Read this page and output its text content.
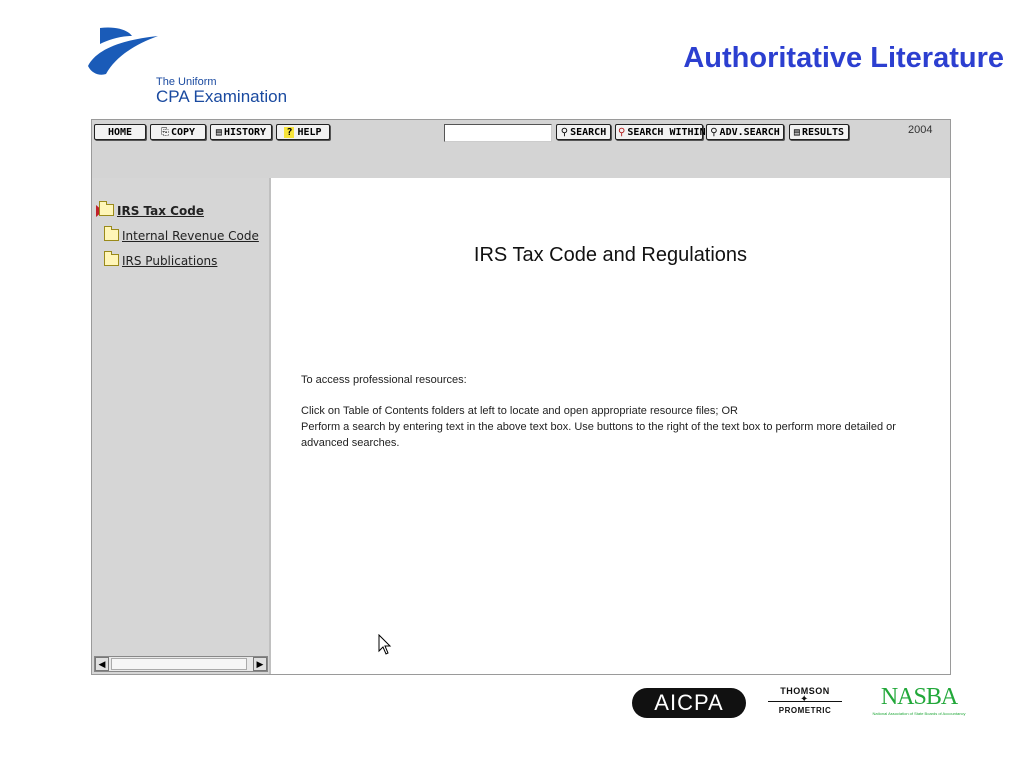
The Uniform
CPA Examination
Authoritative Literature
HOME	⎘ COPY	▤ HISTORY	? HELP	⚲ SEARCH	⚲ SEARCH WITHIN ⚲ ADV.SEARCH	▤ RESULTS	2004
IRS Tax Code
Internal Revenue Code
IRS Publications
◀	▶
IRS Tax Code and Regulations
To access professional resources:
Click on Table of Contents folders at left to locate and open appropriate resource files; OR
Perform a search by entering text in the above text box. Use buttons to the right of the text box to perform more detailed or
advanced searches.
AICPA	THOMSON
✦
PROMETRIC
NASBA
National Association of State Boards of Accountancy
